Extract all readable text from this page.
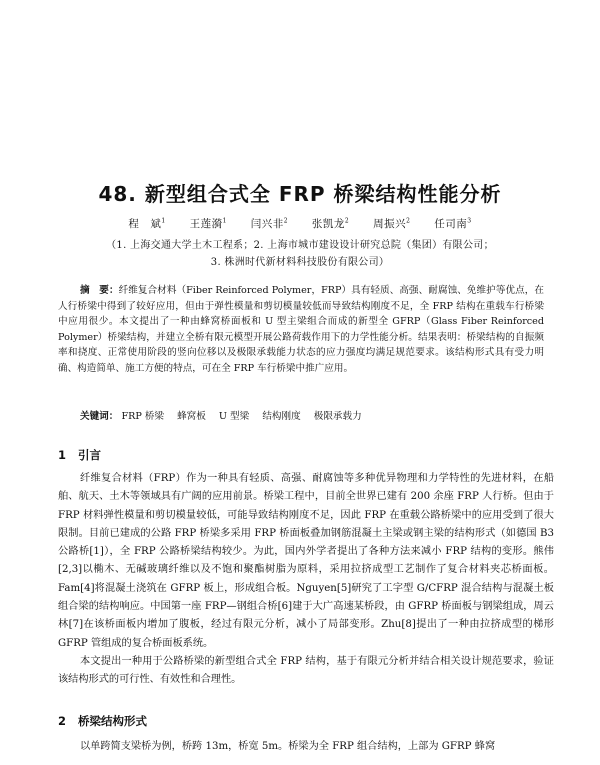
48. 新型组合式全 FRP 桥梁结构性能分析
程　斌$^1$ 王莲漪$^1$ 闫兴非$^2$ 张凯龙$^2$ 周振兴$^2$ 任司南$^3$
（1. 上海交通大学土木工程系；2. 上海市城市建设设计研究总院（集团）有限公司；
3. 株洲时代新材料科技股份有限公司）
摘　要：纤维复合材料（Fiber Reinforced Polymer，FRP）具有轻质、高强、耐腐蚀、免维护等优点，在人行桥梁中得到了较好应用，但由于弹性模量和剪切模量较低而导致结构刚度不足，全 FRP 结构在重载车行桥梁中应用很少。本文提出了一种由蜂窝桥面板和 U 型主梁组合而成的新型全 GFRP（Glass Fiber Reinforced Polymer）桥梁结构，并建立全桥有限元模型开展公路荷载作用下的力学性能分析。结果表明：桥梁结构的自振频率和挠度、正常使用阶段的竖向位移以及极限承载能力状态的应力强度均满足规范要求。该结构形式具有受力明确、构造简单、施工方便的特点，可在全 FRP 车行桥梁中推广应用。
关键词： FRP 桥梁 蜂窝板 U 型梁 结构刚度 极限承载力
1 引言

纤维复合材料（FRP）作为一种具有轻质、高强、耐腐蚀等多种优异物理和力学特性的先进材料，在船舶、航天、土木等领域具有广阔的应用前景。桥梁工程中，目前全世界已建有 200 余座 FRP 人行桥。但由于 FRP 材料弹性模量和剪切模量较低，可能导致结构刚度不足，因此 FRP 在重载公路桥梁中的应用受到了很大限制。目前已建成的公路 FRP 桥梁多采用 FRP 桥面板叠加钢筋混凝土主梁或钢主梁的结构形式（如德国 B3 公路桥[1]），全 FRP 公路桥梁结构较少。为此，国内外学者提出了各种方法来减小 FRP 结构的变形。熊伟[2,3]以椭木、无碱玻璃纤维以及不饱和聚酯树脂为原料，采用拉挤成型工艺制作了复合材料夹芯桥面板。Fam[4]将混凝土浇筑在 GFRP 板上，形成组合板。Nguyen[5]研究了工字型 G/CFRP 混合结构与混凝土板组合梁的结构响应。中国第一座 FRP—钢组合桥[6]建于大广高速某桥段，由 GFRP 桥面板与钢梁组成，周云林[7]在该桥面板内增加了腹板，经过有限元分析，减小了局部变形。Zhu[8]提出了一种由拉挤成型的梯形 GFRP 管组成的复合桥面板系统。

本文提出一种用于公路桥梁的新型组合式全 FRP 结构，基于有限元分析并结合相关设计规范要求，验证该结构形式的可行性、有效性和合理性。

2 桥梁结构形式

以单跨简支梁桥为例，桥跨 13m，桥宽 5m。桥梁为全 FRP 组合结构，上部为 GFRP 蜂窝
